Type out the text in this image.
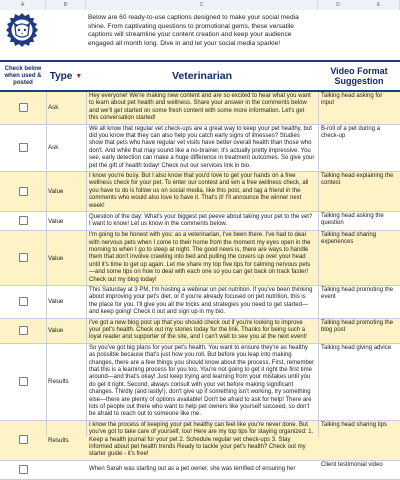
A	B	C	D	E
Below are 60 ready-to-use captions designed to make your social media shine. From captivating questions to promotional gems, these versatile captions will streamline your content creation and keep your audience engaged all month long. Dive in and let your social media sparkle!
Check below when used & posted
Type ▼	Veterinarian	Video Format Suggestion
	Ask	Hey everyone! We're making new content and are so excited to hear what you want to learn about pet health and wellness. Share your answer in the comments below and we'll get started on some fresh content with some more information. Let's get this conversation started!	Talking head asking for input
	Ask	We all know that regular vet check-ups are a great way to keep your pet healthy, but did you know that they can also help you catch early signs of illnesses? Studies show that pets who have regular vet visits have better overall health than those who don't. And while that may sound like a no-brainer, it's actually pretty impressive. You see, early detection can make a huge difference in treatment outcomes. So give your pet the gift of health today! Check out our services link in bio.	B-roll of a pet during a check-up
	Value	I know you're busy. But I also know that you'd love to get your hands on a free wellness check for your pet. To enter our contest and win a free wellness check, all you have to do is follow us on social media, like this post, and tag a friend in the comments who would also love to have it. That's it! I'll announce the winner next week!	Talking head explaining the contest
	Value	Question of the day: What's your biggest pet peeve about taking your pet to the vet? I want to know! Let us know in the comments below.	Talking head asking the question
	Value	I'm going to be honest with you: as a veterinarian, I've been there. I've had to deal with nervous pets when I come to their home from the moment my eyes open in the morning to when I go to sleep at night. The good news is, there are ways to handle them that don't involve crawling into bed and pulling the covers up over your head until it's time to get up again. Let me share my top five tips for calming nervous pets—and some tips on how to deal with each one so you can get back on track faster! Check out my blog today!	Talking head sharing experiences
	Value	This Saturday at 3 PM, I'm hosting a webinar on pet nutrition. If you've been thinking about improving your pet's diet, or if you're already focused on pet nutrition, this is the place for you. I'll give you all the tricks and strategies you need to get started—and keep going! Check it out and sign up in my bio.	Talking head promoting the event
	Value	I've got a new blog post up that you should check out if you're looking to improve your pet's health. Check out my stories today for the link. Thanks for being such a loyal reader and supporter of the site, and I can't wait to see you at the next event!	Talking head promoting the blog post
	Results	So you've got big plans for your pet's health. You want to ensure they're as healthy as possible because that's just how you roll. But before you leap into making changes, there are a few things you should know about the process. First, remember that this is a learning process for you too. You're not going to get it right the first time around—and that's okay! Just keep trying and learning from your mistakes until you do get it right. Second, always consult with your vet before making significant changes. Thirdly (and lastly!), don't give up if something isn't working, try something else—there are plenty of options available! Don't be afraid to ask for help! There are lots of people out there who want to help pet owners like yourself succeed, so don't be afraid to reach out to someone like me.	Talking head giving advice
	Results	I know the process of keeping your pet healthy can feel like you're never done. But you've got to take care of yourself, too! Here are my top tips for staying organized: 1. Keep a health journal for your pet 2. Schedule regular vet check-ups 3. Stay informed about pet health trends Ready to tackle your pet's health? Check out my starter guide - it's free!	Talking head sharing tips
		When Sarah was starting out as a pet owner, she was terrified of ensuring her	Client testimonial video
